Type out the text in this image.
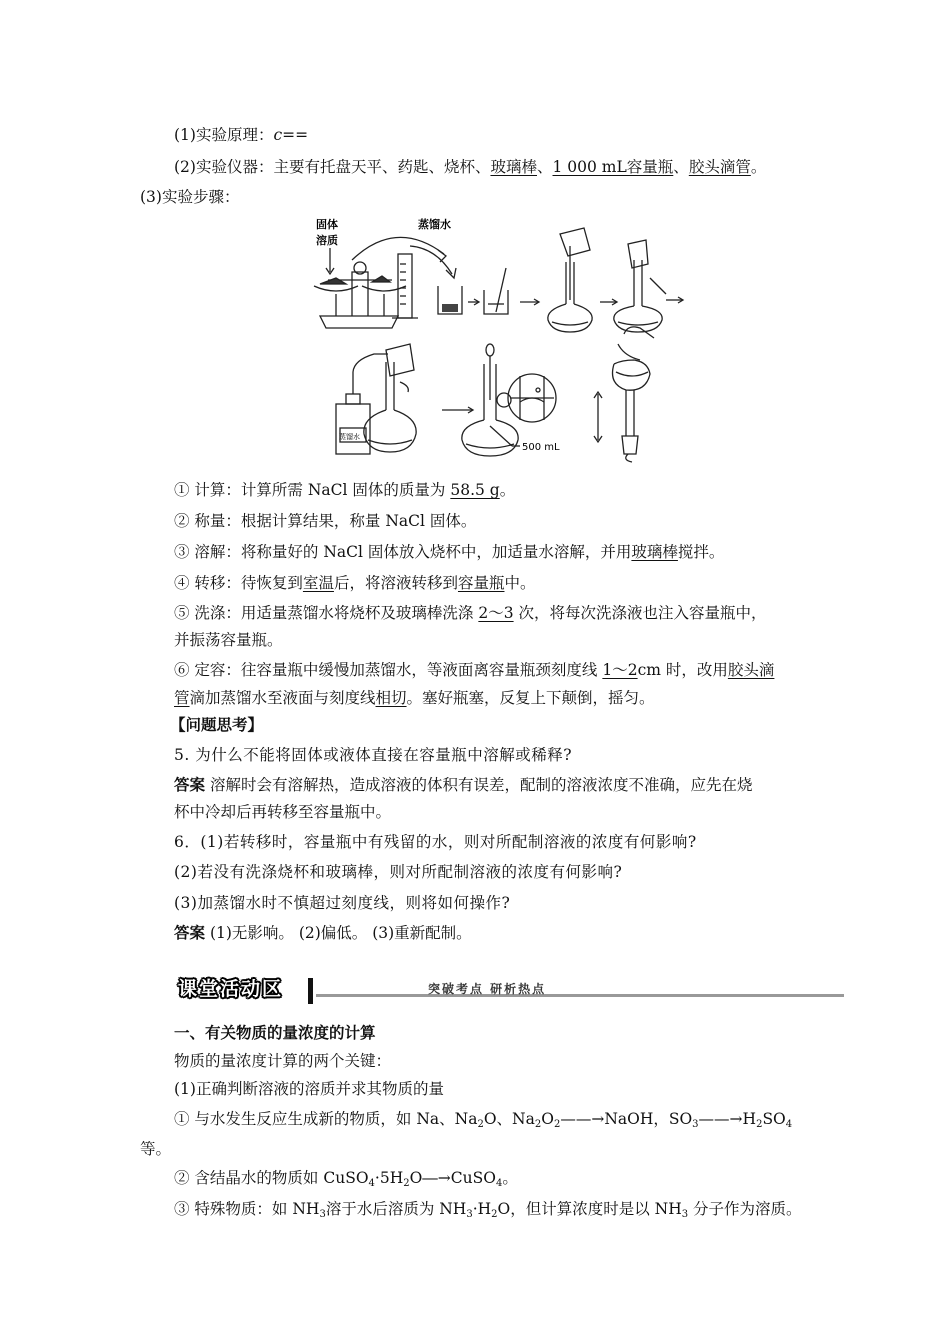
(1)实验原理：c==
(2)实验仪器：主要有托盘天平、药匙、烧杯、玻璃棒、1 000 mL容量瓶、胶头滴管。
(3)实验步骤：
固体
溶质
蒸馏水
蒸馏水
500 mL
① 计算：计算所需 NaCl 固体的质量为 58.5 g。
② 称量：根据计算结果，称量 NaCl 固体。
③ 溶解：将称量好的 NaCl 固体放入烧杯中，加适量水溶解，并用玻璃棒搅拌。
④ 转移：待恢复到室温后，将溶液转移到容量瓶中。
⑤ 洗涤：用适量蒸馏水将烧杯及玻璃棒洗涤 2～3 次，将每次洗涤液也注入容量瓶中，
并振荡容量瓶。
⑥ 定容：往容量瓶中缓慢加蒸馏水，等液面离容量瓶颈刻度线 1～2cm 时，改用胶头滴
管滴加蒸馏水至液面与刻度线相切。塞好瓶塞，反复上下颠倒，摇匀。
【问题思考】
5. 为什么不能将固体或液体直接在容量瓶中溶解或稀释?
答案 溶解时会有溶解热，造成溶液的体积有误差，配制的溶液浓度不准确，应先在烧
杯中冷却后再转移至容量瓶中。
6．(1)若转移时，容量瓶中有残留的水，则对所配制溶液的浓度有何影响?
(2)若没有洗涤烧杯和玻璃棒，则对所配制溶液的浓度有何影响?
(3)加蒸馏水时不慎超过刻度线，则将如何操作?
答案 (1)无影响。 (2)偏低。 (3)重新配制。
课堂活动区	突破考点 研析热点
一、有关物质的量浓度的计算
物质的量浓度计算的两个关键：
(1)正确判断溶液的溶质并求其物质的量
① 与水发生反应生成新的物质，如 Na、$Na_2O$、$Na_2O_2——\to NaOH$，$SO_3——\to H_2SO_4$
等。
② 含结晶水的物质如 $CuSO_4\cdot 5H_2O―\to CuSO_4$。
③ 特殊物质：如 $NH_3$溶于水后溶质为 $NH_3\cdot H_2O$，但计算浓度时是以 $NH_3$ 分子作为溶质。
